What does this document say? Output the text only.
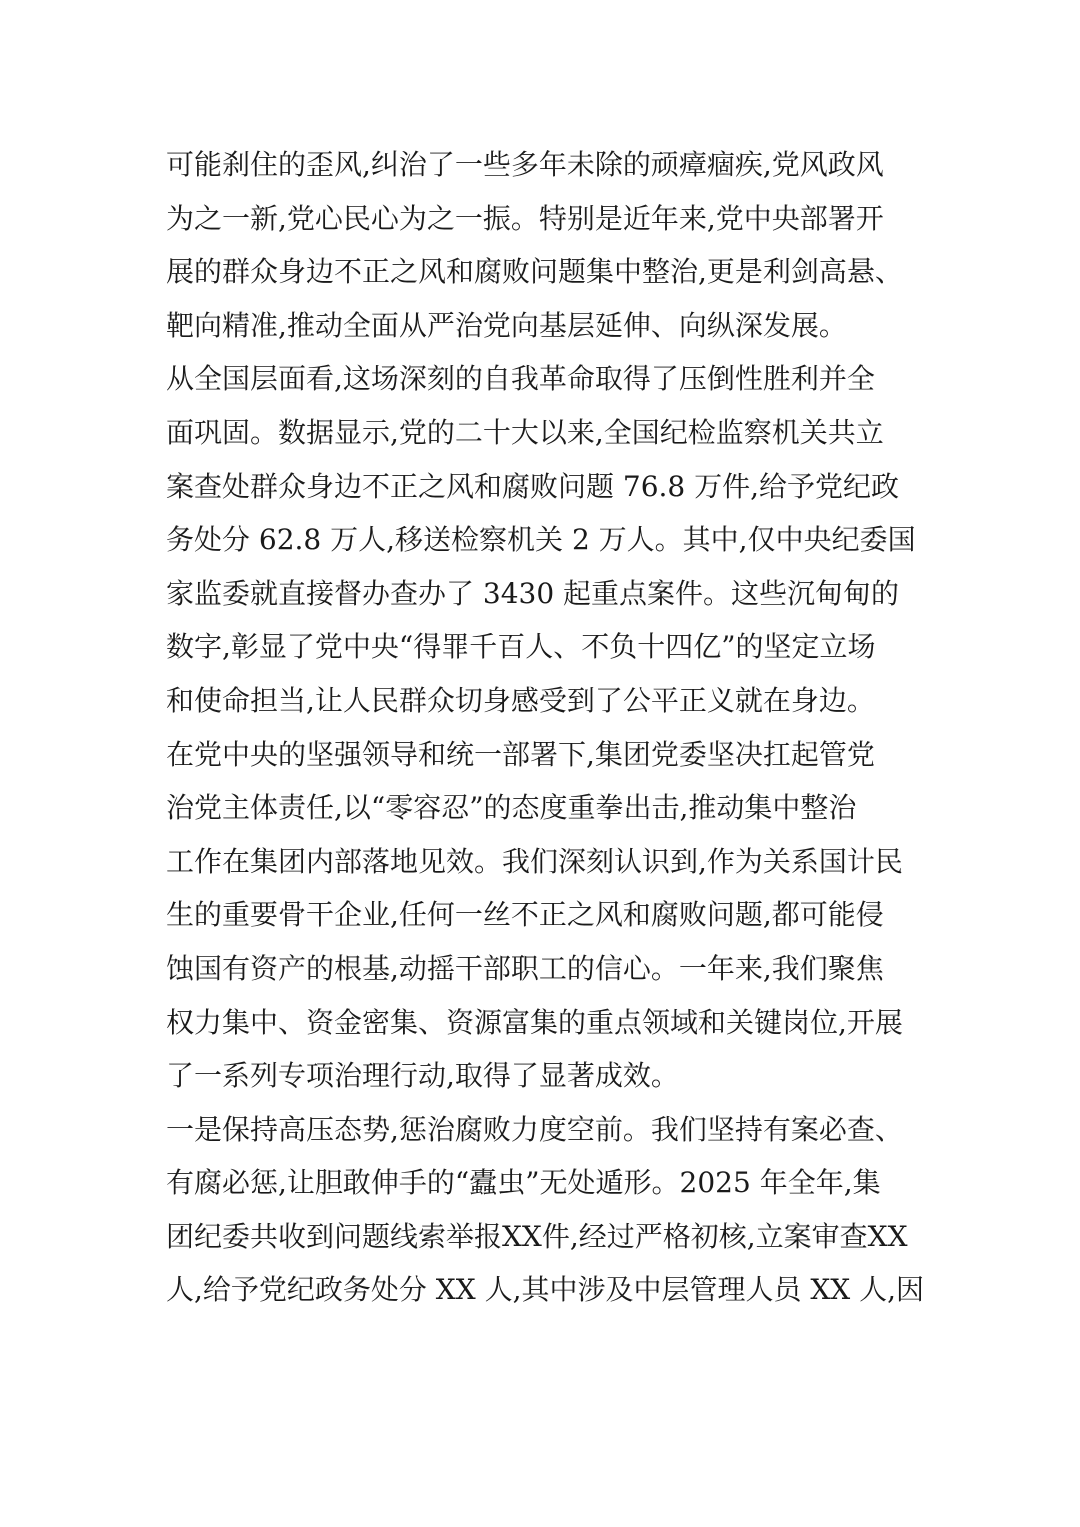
可能刹住的歪风,纠治了一些多年未除的顽瘴痼疾,党风政风
为之一新,党心民心为之一振。特别是近年来,党中央部署开
展的群众身边不正之风和腐败问题集中整治,更是利剑高悬、
靶向精准,推动全面从严治党向基层延伸、向纵深发展。
从全国层面看,这场深刻的自我革命取得了压倒性胜利并全
面巩固。数据显示,党的二十大以来,全国纪检监察机关共立
案查处群众身边不正之风和腐败问题 76.8 万件,给予党纪政
务处分 62.8 万人,移送检察机关 2 万人。其中,仅中央纪委国
家监委就直接督办查办了 3430 起重点案件。这些沉甸甸的
数字,彰显了党中央“得罪千百人、不负十四亿”的坚定立场
和使命担当,让人民群众切身感受到了公平正义就在身边。
在党中央的坚强领导和统一部署下,集团党委坚决扛起管党
治党主体责任,以“零容忍”的态度重拳出击,推动集中整治
工作在集团内部落地见效。我们深刻认识到,作为关系国计民
生的重要骨干企业,任何一丝不正之风和腐败问题,都可能侵
蚀国有资产的根基,动摇干部职工的信心。一年来,我们聚焦
权力集中、资金密集、资源富集的重点领域和关键岗位,开展
了一系列专项治理行动,取得了显著成效。
一是保持高压态势,惩治腐败力度空前。我们坚持有案必查、
有腐必惩,让胆敢伸手的“蠹虫”无处遁形。2025 年全年,集
团纪委共收到问题线索举报XX件,经过严格初核,立案审查XX
人,给予党纪政务处分 XX 人,其中涉及中层管理人员 XX 人,因
